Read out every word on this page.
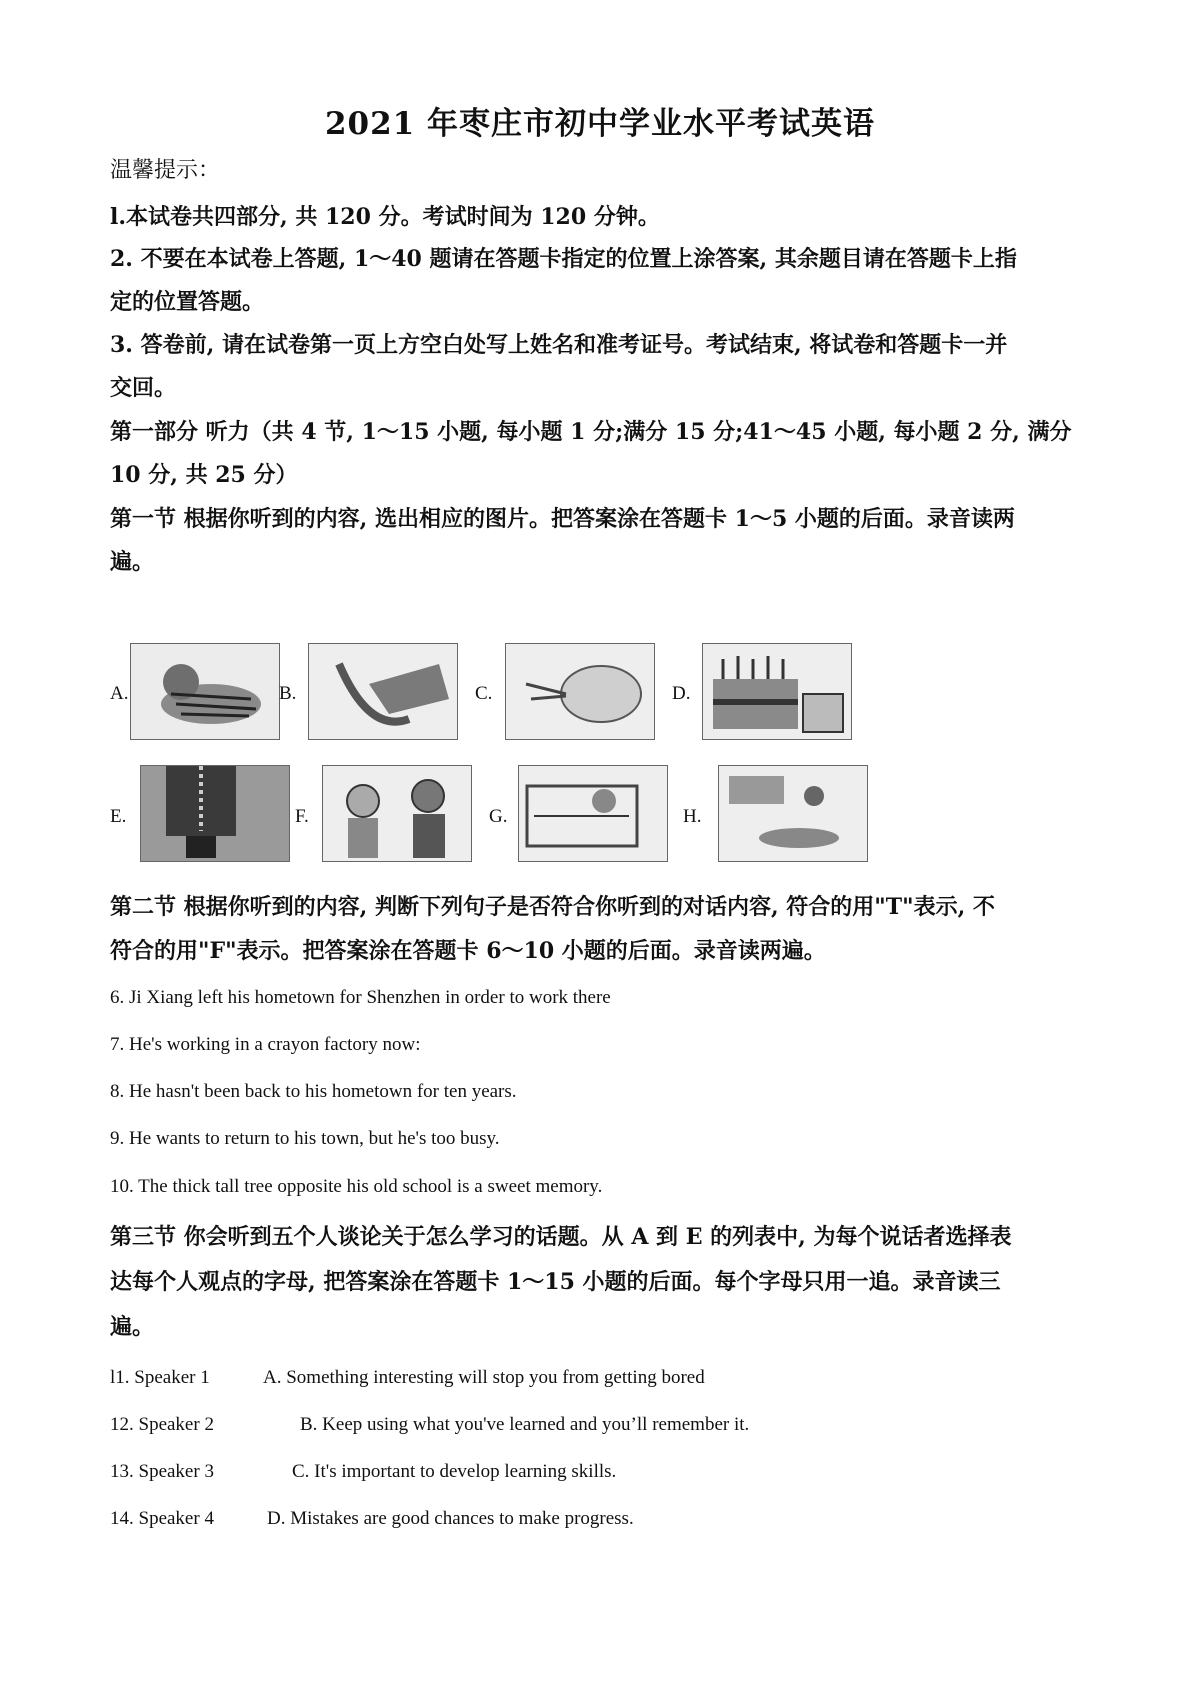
2021 年枣庄市初中学业水平考试英语
温馨提示：
l.本试卷共四部分, 共 120 分。考试时间为 120 分钟。
2. 不要在本试卷上答题, 1～40 题请在答题卡指定的位置上涂答案, 其余题目请在答题卡上指
定的位置答题。
3. 答卷前, 请在试卷第一页上方空白处写上姓名和准考证号。考试结束, 将试卷和答题卡一并
交回。
第一部分 听力（共 4 节, 1～15 小题, 每小题 1 分;满分 15 分;41～45 小题, 每小题 2 分, 满分
10 分, 共 25 分）
第一节 根据你听到的内容, 选出相应的图片。把答案涂在答题卡 1～5 小题的后面。录音读两
遍。
A.	B.	C.	D.
E.	F.	G.	H.
第二节 根据你听到的内容, 判断下列句子是否符合你听到的对话内容, 符合的用"T"表示, 不
符合的用"F"表示。把答案涂在答题卡 6～10 小题的后面。录音读两遍。
6. Ji Xiang left his hometown for Shenzhen in order to work there
7. He's working in a crayon factory now:
8. He hasn't been back to his hometown for ten years.
9. He wants to return to his town, but he's too busy.
10. The thick tall tree opposite his old school is a sweet memory.
第三节 你会听到五个人谈论关于怎么学习的话题。从 A 到 E 的列表中, 为每个说话者选择表
达每个人观点的字母, 把答案涂在答题卡 1～15 小题的后面。每个字母只用一追。录音读三
遍。
l1. Speaker 1	A. Something interesting will stop you from getting bored
12. Speaker 2	B. Keep using what you've learned and you’ll remember it.
13. Speaker 3	C. It's important to develop learning skills.
14. Speaker 4	D. Mistakes are good chances to make progress.
